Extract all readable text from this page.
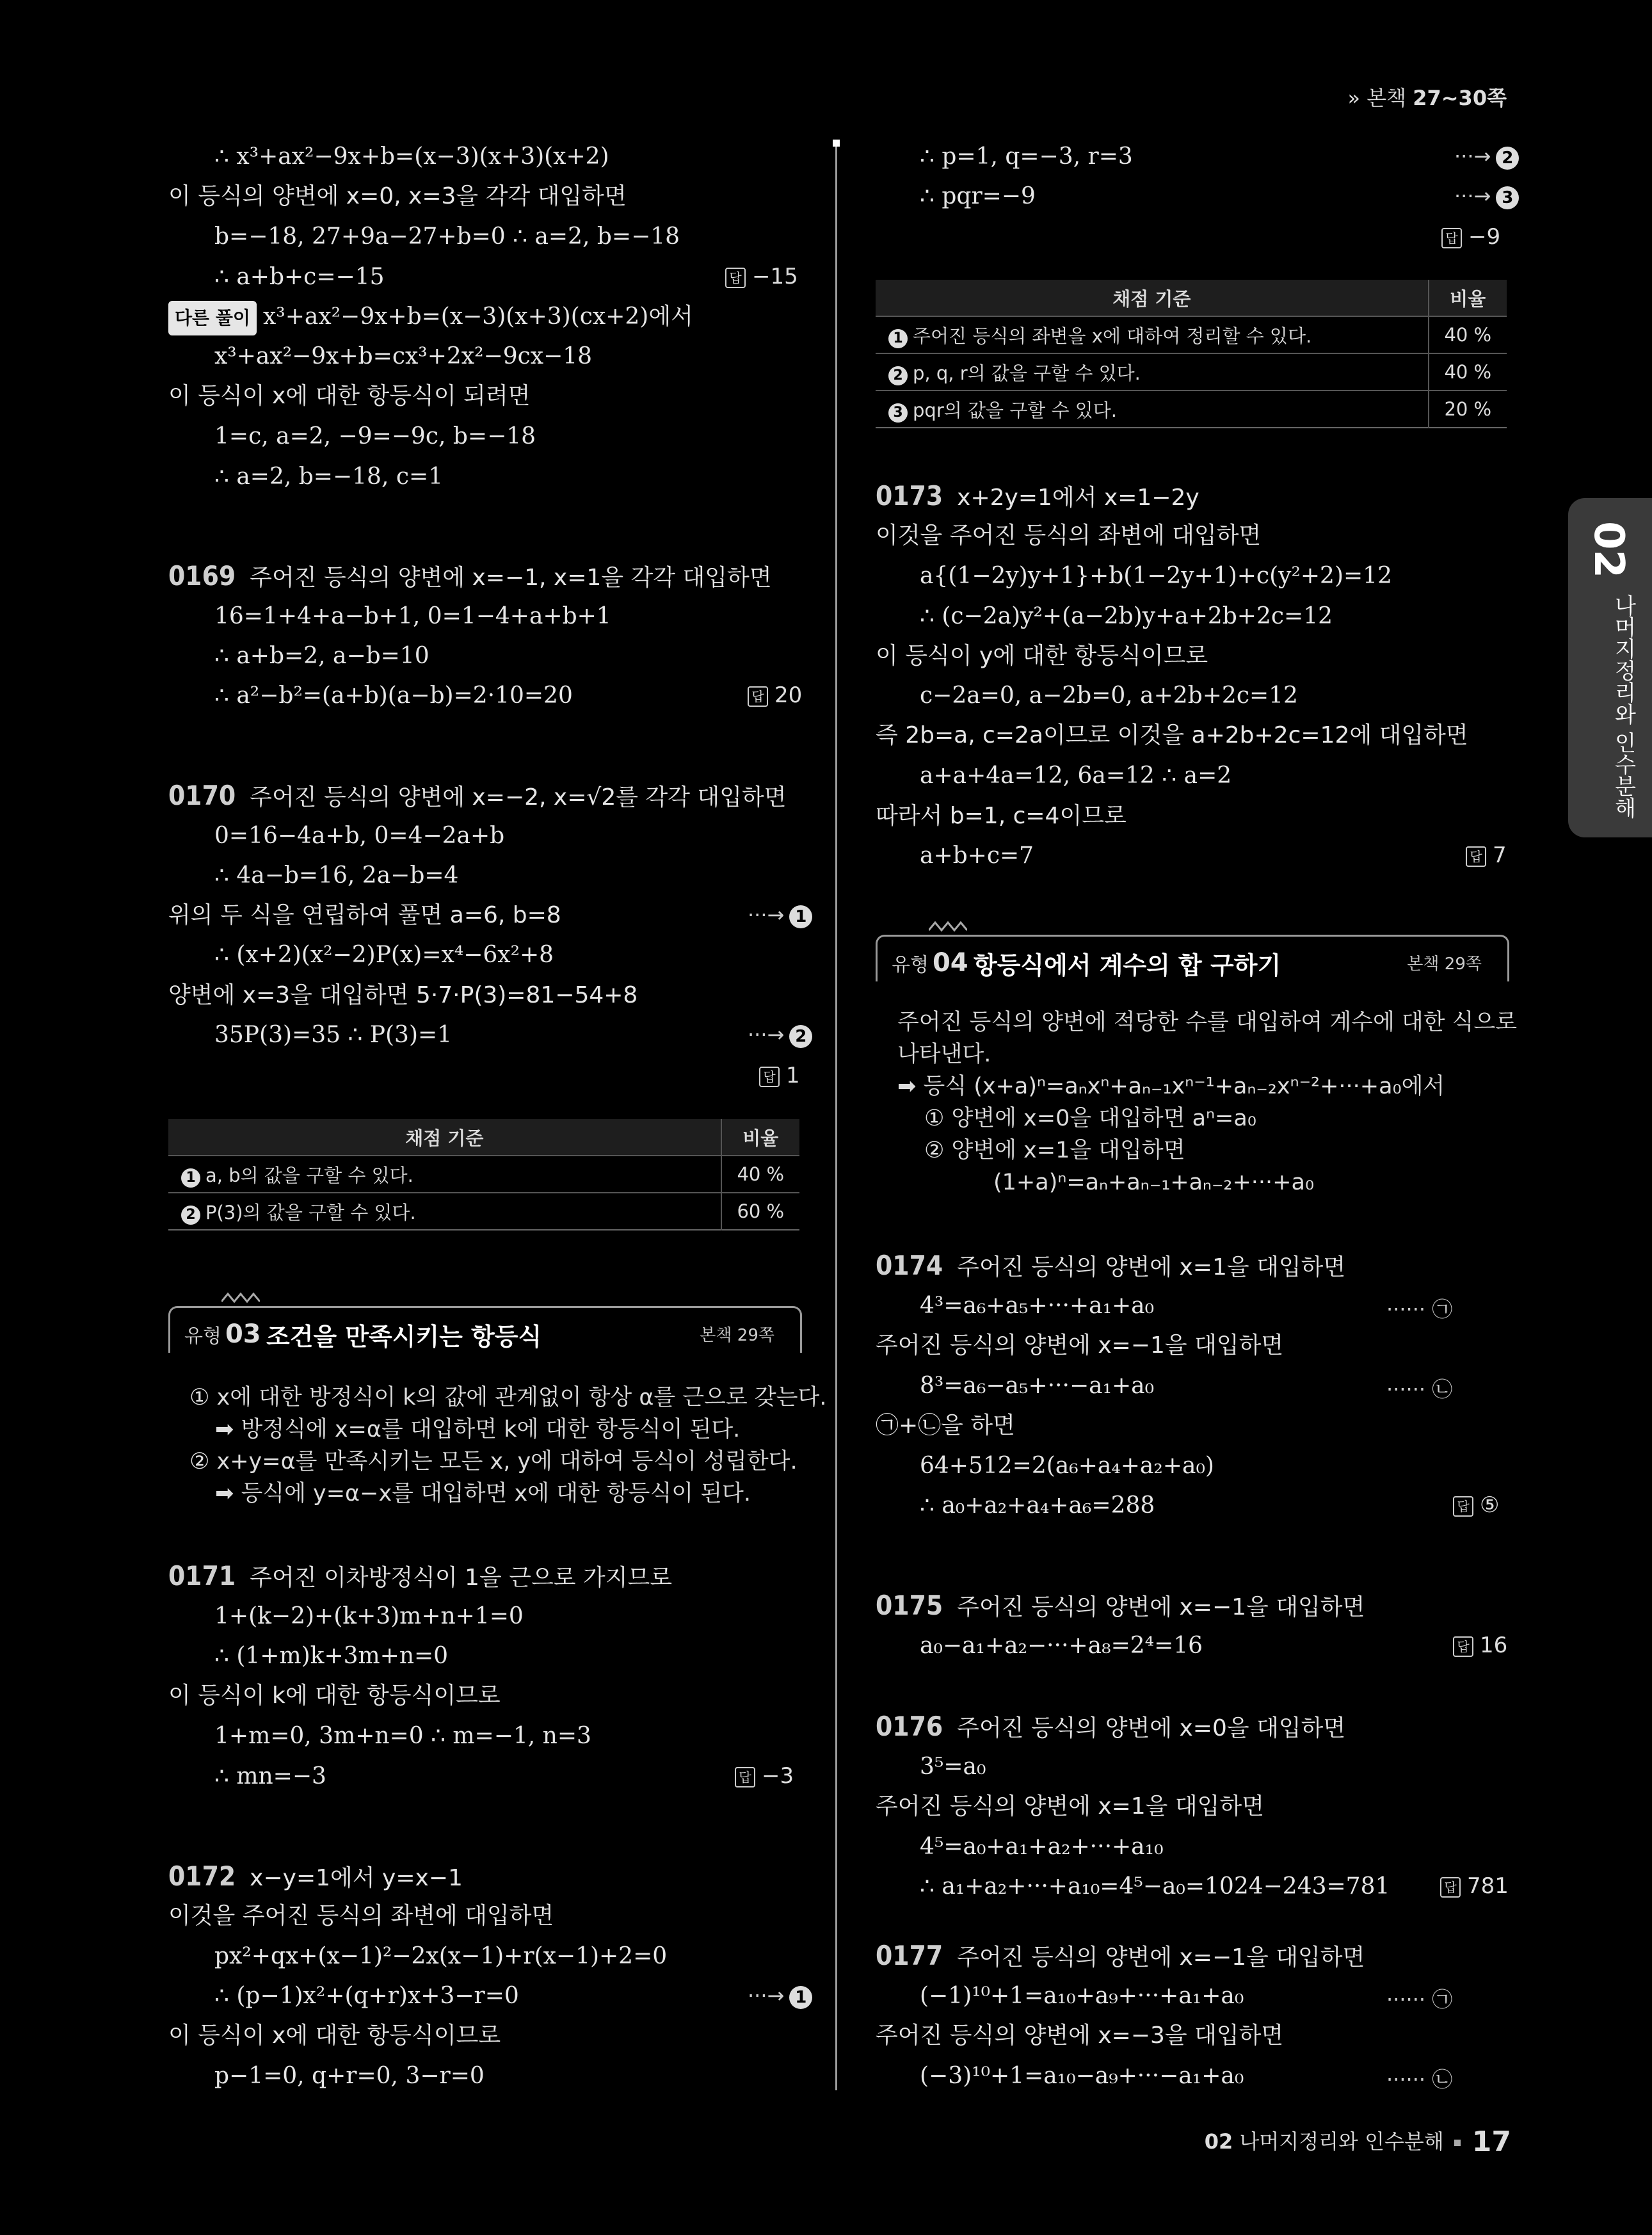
» 본책 27~30쪽
02
나머지정리와 인수분해
∴ x³+ax²−9x+b=(x−3)(x+3)(x+2)
이 등식의 양변에 x=0, x=3을 각각 대입하면
b=−18, 27+9a−27+b=0 ∴ a=2, b=−18
∴ a+b+c=−15	답 −15
다른 풀이 x³+ax²−9x+b=(x−3)(x+3)(cx+2)에서
x³+ax²−9x+b=cx³+2x²−9cx−18
이 등식이 x에 대한 항등식이 되려면
1=c, a=2, −9=−9c, b=−18
∴ a=2, b=−18, c=1
0169 주어진 등식의 양변에 x=−1, x=1을 각각 대입하면
16=1+4+a−b+1, 0=1−4+a+b+1
∴ a+b=2, a−b=10
∴ a²−b²=(a+b)(a−b)=2·10=20	답 20
0170 주어진 등식의 양변에 x=−2, x=√2를 각각 대입하면
0=16−4a+b, 0=4−2a+b
∴ 4a−b=16, 2a−b=4
위의 두 식을 연립하여 풀면 a=6, b=8	···→ 1
∴ (x+2)(x²−2)P(x)=x⁴−6x²+8
양변에 x=3을 대입하면 5·7·P(3)=81−54+8
35P(3)=35 ∴ P(3)=1	···→ 2
답 1
채점 기준	비율
1 a, b의 값을 구할 수 있다.	40 %
2 P(3)의 값을 구할 수 있다.	60 %
유형 03 조건을 만족시키는 항등식	본책 29쪽
① x에 대한 방정식이 k의 값에 관계없이 항상 α를 근으로 갖는다.
➡ 방정식에 x=α를 대입하면 k에 대한 항등식이 된다.
② x+y=α를 만족시키는 모든 x, y에 대하여 등식이 성립한다.
➡ 등식에 y=α−x를 대입하면 x에 대한 항등식이 된다.
0171 주어진 이차방정식이 1을 근으로 가지므로
1+(k−2)+(k+3)m+n+1=0
∴ (1+m)k+3m+n=0
이 등식이 k에 대한 항등식이므로
1+m=0, 3m+n=0 ∴ m=−1, n=3
∴ mn=−3	답 −3
0172 x−y=1에서 y=x−1
이것을 주어진 등식의 좌변에 대입하면
px²+qx+(x−1)²−2x(x−1)+r(x−1)+2=0
∴ (p−1)x²+(q+r)x+3−r=0	···→ 1
이 등식이 x에 대한 항등식이므로
p−1=0, q+r=0, 3−r=0
∴ p=1, q=−3, r=3	···→ 2
∴ pqr=−9	···→ 3
답 −9
채점 기준	비율
1 주어진 등식의 좌변을 x에 대하여 정리할 수 있다.	40 %
2 p, q, r의 값을 구할 수 있다.	40 %
3 pqr의 값을 구할 수 있다.	20 %
0173 x+2y=1에서 x=1−2y
이것을 주어진 등식의 좌변에 대입하면
a{(1−2y)y+1}+b(1−2y+1)+c(y²+2)=12
∴ (c−2a)y²+(a−2b)y+a+2b+2c=12
이 등식이 y에 대한 항등식이므로
c−2a=0, a−2b=0, a+2b+2c=12
즉 2b=a, c=2a이므로 이것을 a+2b+2c=12에 대입하면
a+a+4a=12, 6a=12 ∴ a=2
따라서 b=1, c=4이므로
a+b+c=7	답 7
유형 04 항등식에서 계수의 합 구하기	본책 29쪽
주어진 등식의 양변에 적당한 수를 대입하여 계수에 대한 식으로
나타낸다.
➡ 등식 (x+a)ⁿ=aₙxⁿ+aₙ₋₁xⁿ⁻¹+aₙ₋₂xⁿ⁻²+···+a₀에서
① 양변에 x=0을 대입하면 aⁿ=a₀
② 양변에 x=1을 대입하면
(1+a)ⁿ=aₙ+aₙ₋₁+aₙ₋₂+···+a₀
0174 주어진 등식의 양변에 x=1을 대입하면
4³=a₆+a₅+···+a₁+a₀	······ ㉠
주어진 등식의 양변에 x=−1을 대입하면
8³=a₆−a₅+···−a₁+a₀	······ ㉡
㉠+㉡을 하면
64+512=2(a₆+a₄+a₂+a₀)
∴ a₀+a₂+a₄+a₆=288	답 ⑤
0175 주어진 등식의 양변에 x=−1을 대입하면
a₀−a₁+a₂−···+a₈=2⁴=16	답 16
0176 주어진 등식의 양변에 x=0을 대입하면
3⁵=a₀
주어진 등식의 양변에 x=1을 대입하면
4⁵=a₀+a₁+a₂+···+a₁₀
∴ a₁+a₂+···+a₁₀=4⁵−a₀=1024−243=781	답 781
0177 주어진 등식의 양변에 x=−1을 대입하면
(−1)¹⁰+1=a₁₀+a₉+···+a₁+a₀	······ ㉠
주어진 등식의 양변에 x=−3을 대입하면
(−3)¹⁰+1=a₁₀−a₉+···−a₁+a₀	······ ㉡
02 나머지정리와 인수분해 17
